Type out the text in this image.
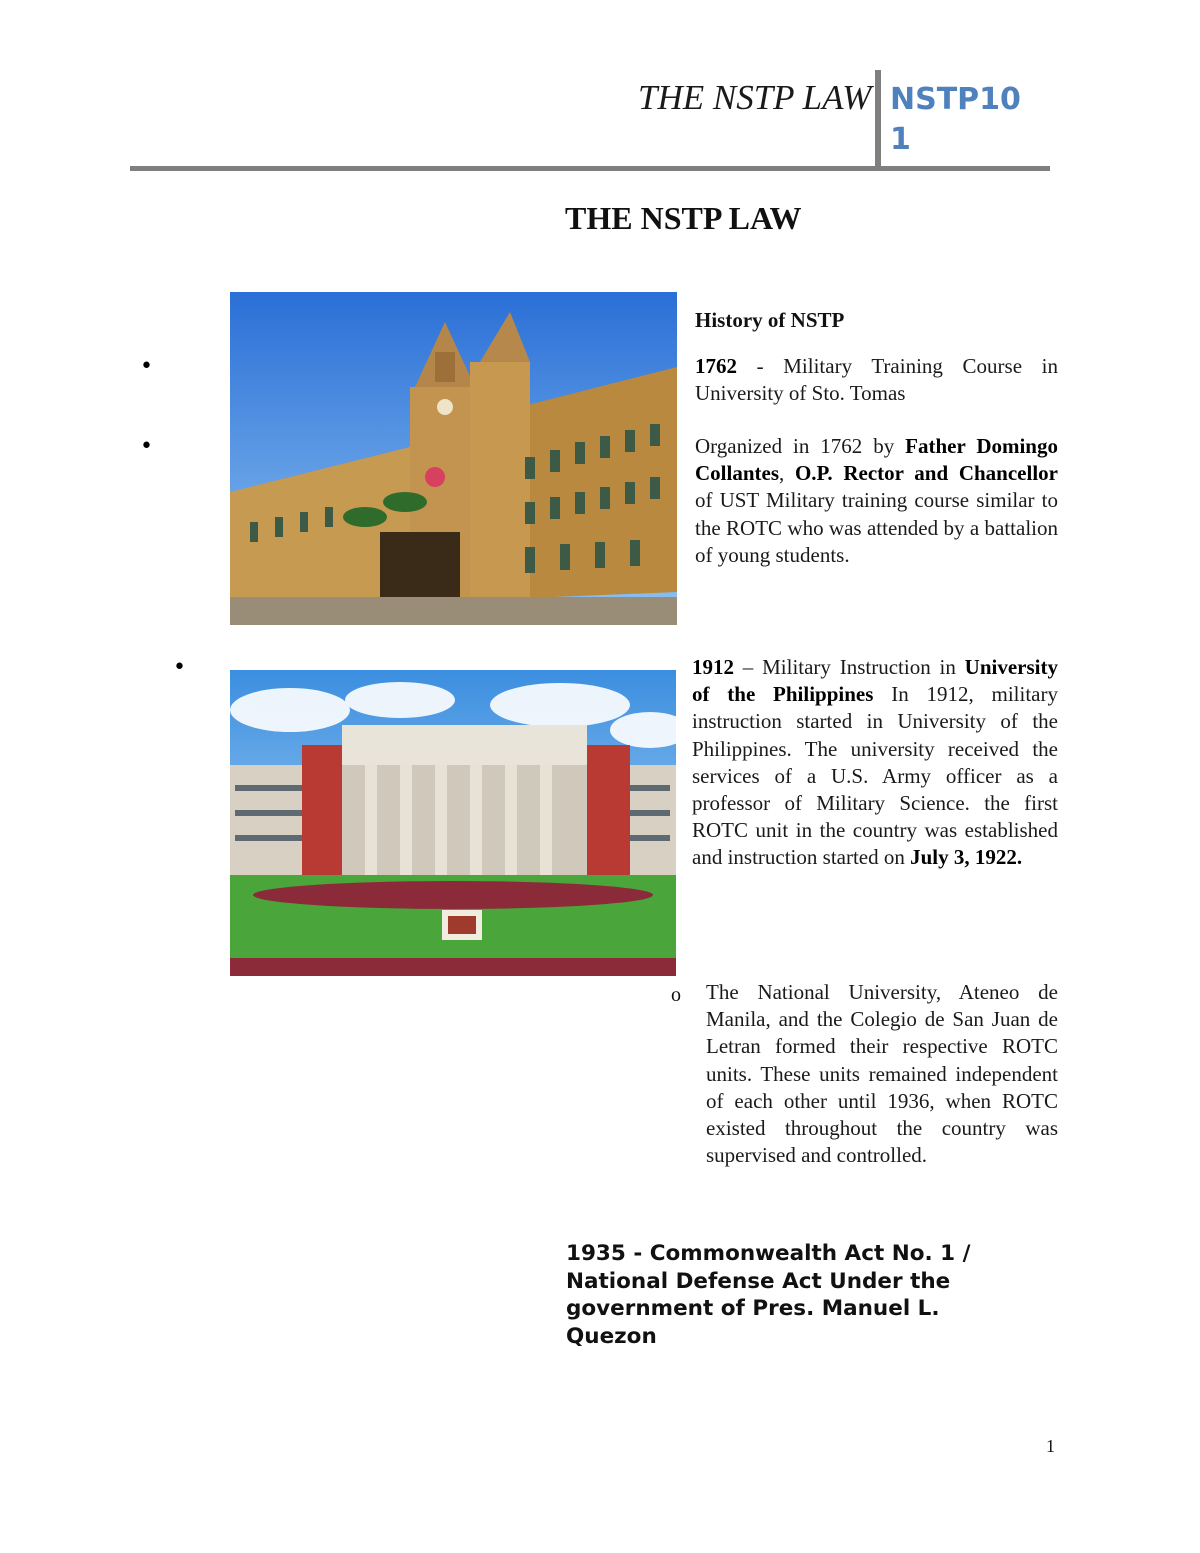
THE NSTP LAW NSTP101
THE NSTP LAW
•
•
•
History of NSTP
1762 - Military Training Course in University of Sto. Tomas
Organized in 1762 by Father Domingo Collantes, O.P. Rector and Chancellor of UST Military training course similar to the ROTC who was attended by a battalion of young students.
1912 – Military Instruction in University of the Philippines In 1912, military instruction started in University of the Philippines. The university received the services of a U.S. Army officer as a professor of Military Science. the first ROTC unit in the country was established and instruction started on July 3, 1922.
o The National University, Ateneo de Manila, and the Colegio de San Juan de Letran formed their respective ROTC units. These units remained independent of each other until 1936, when ROTC existed throughout the country was supervised and controlled.
1935 - Commonwealth Act No. 1 / National Defense Act Under the government of Pres. Manuel L. Quezon
1
